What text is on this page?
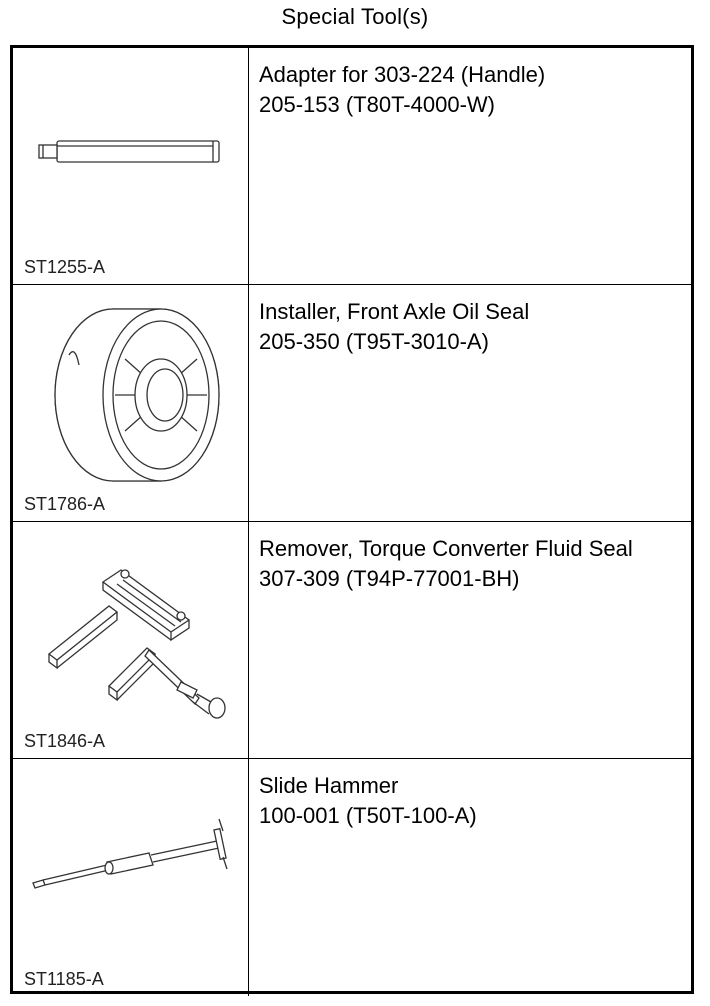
Special Tool(s)
ST1255-A
Adapter for 303-224 (Handle)
205-153 (T80T-4000-W)
ST1786-A
Installer, Front Axle Oil Seal
205-350 (T95T-3010-A)
ST1846-A
Remover, Torque Converter Fluid Seal
307-309 (T94P-77001-BH)
ST1185-A
Slide Hammer
100-001 (T50T-100-A)
